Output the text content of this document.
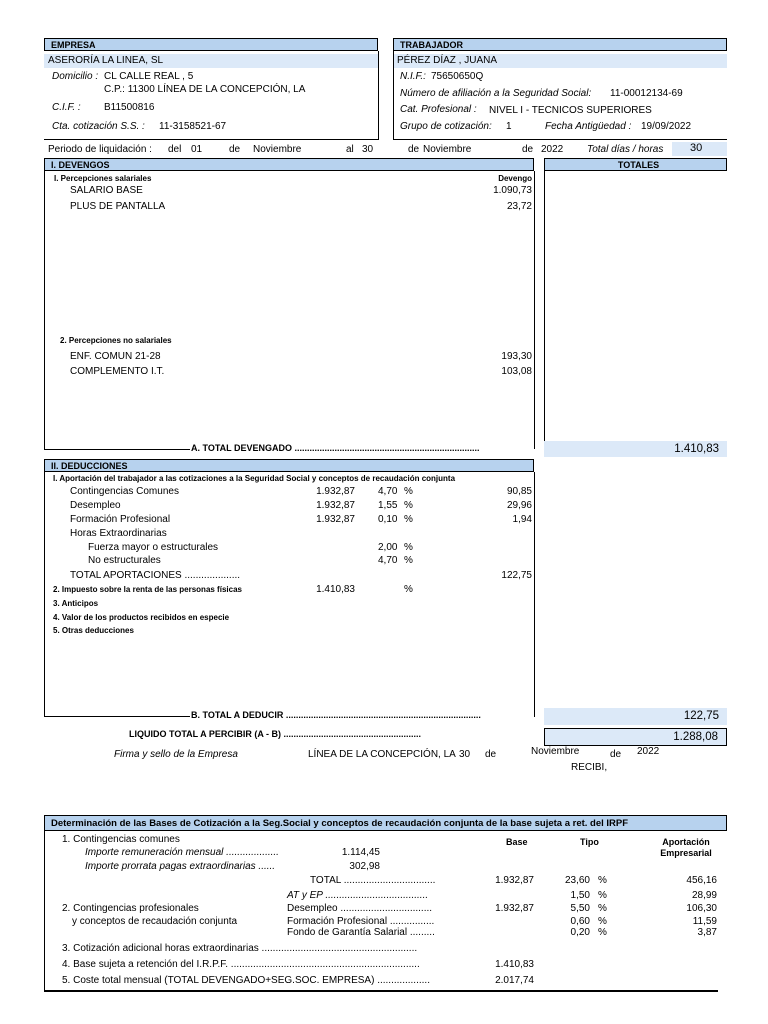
EMPRESA
ASERORÍA LA LINEA, SL
Domicilio : CL CALLE REAL , 5
C.P.: 11300 LÍNEA DE LA CONCEPCIÓN, LA
C.I.F. : B11500816
Cta. cotización S.S. : 11-3158521-67
TRABAJADOR
PÉREZ DÍAZ , JUANA
N.I.F.: 75650650Q
Número de afiliación a la Seguridad Social: 11-00012134-69
Cat. Profesional : NIVEL I - TECNICOS SUPERIORES
Grupo de cotización: 1	Fecha Antigüedad : 19/09/2022
Periodo de liquidación : del 01	de Noviembre	al 30	de Noviembre	de 2022 Total días / horas 30
I. DEVENGOS	TOTALES
I. Percepciones salariales	Devengo
SALARIO BASE	1.090,73
PLUS DE PANTALLA	23,72
2. Percepciones no salariales
ENF. COMUN 21-28	193,30
COMPLEMENTO I.T.	103,08
A. TOTAL DEVENGADO ..........................................................................	1.410,83
II. DEDUCCIONES
I. Aportación del trabajador a las cotizaciones a la Seguridad Social y conceptos de recaudación conjunta
Contingencias Comunes	1.932,87 4,70 %	90,85
Desempleo	1.932,87 1,55 %	29,96
Formación Profesional	1.932,87 0,10 %	1,94
Horas Extraordinarias
Fuerza mayor o estructurales	2,00 %
No estructurales	4,70 %
TOTAL APORTACIONES ....................	122,75
2. Impuesto sobre la renta de las personas físicas	1.410,83	%
3. Anticipos
4. Valor de los productos recibidos en especie
5. Otras deducciones
B. TOTAL A DEDUCIR ..............................................................................	122,75
LIQUIDO TOTAL A PERCIBIR (A - B) .......................................................	1.288,08
Firma y sello de la Empresa	LÍNEA DE LA CONCEPCIÓN, LA 30 de	Noviembre	de 2022
RECIBI,
Determinación de las Bases de Cotización a la Seg.Social y conceptos de recaudación conjunta de la base sujeta a ret. del IRPF
1. Contingencias comunes	Base	Tipo	Aportación
Empresarial
Importe remuneración mensual ...................	1.114,45
Importe prorrata pagas extraordinarias ......	302,98
TOTAL .................................	1.932,87	23,60 %	456,16
AT y EP .....................................	1,50 %	28,99
2. Contingencias profesionales
y conceptos de recaudación conjunta
Desempleo .................................	1.932,87	5,50 %	106,30
Formación Profesional ................	0,60 %	11,59
Fondo de Garantía Salarial .........	0,20 %	3,87
3. Cotización adicional horas extraordinarias ........................................................
4. Base sujeta a retención del I.R.P.F. ....................................................................	1.410,83
5. Coste total mensual (TOTAL DEVENGADO+SEG.SOC. EMPRESA) ...................	2.017,74
